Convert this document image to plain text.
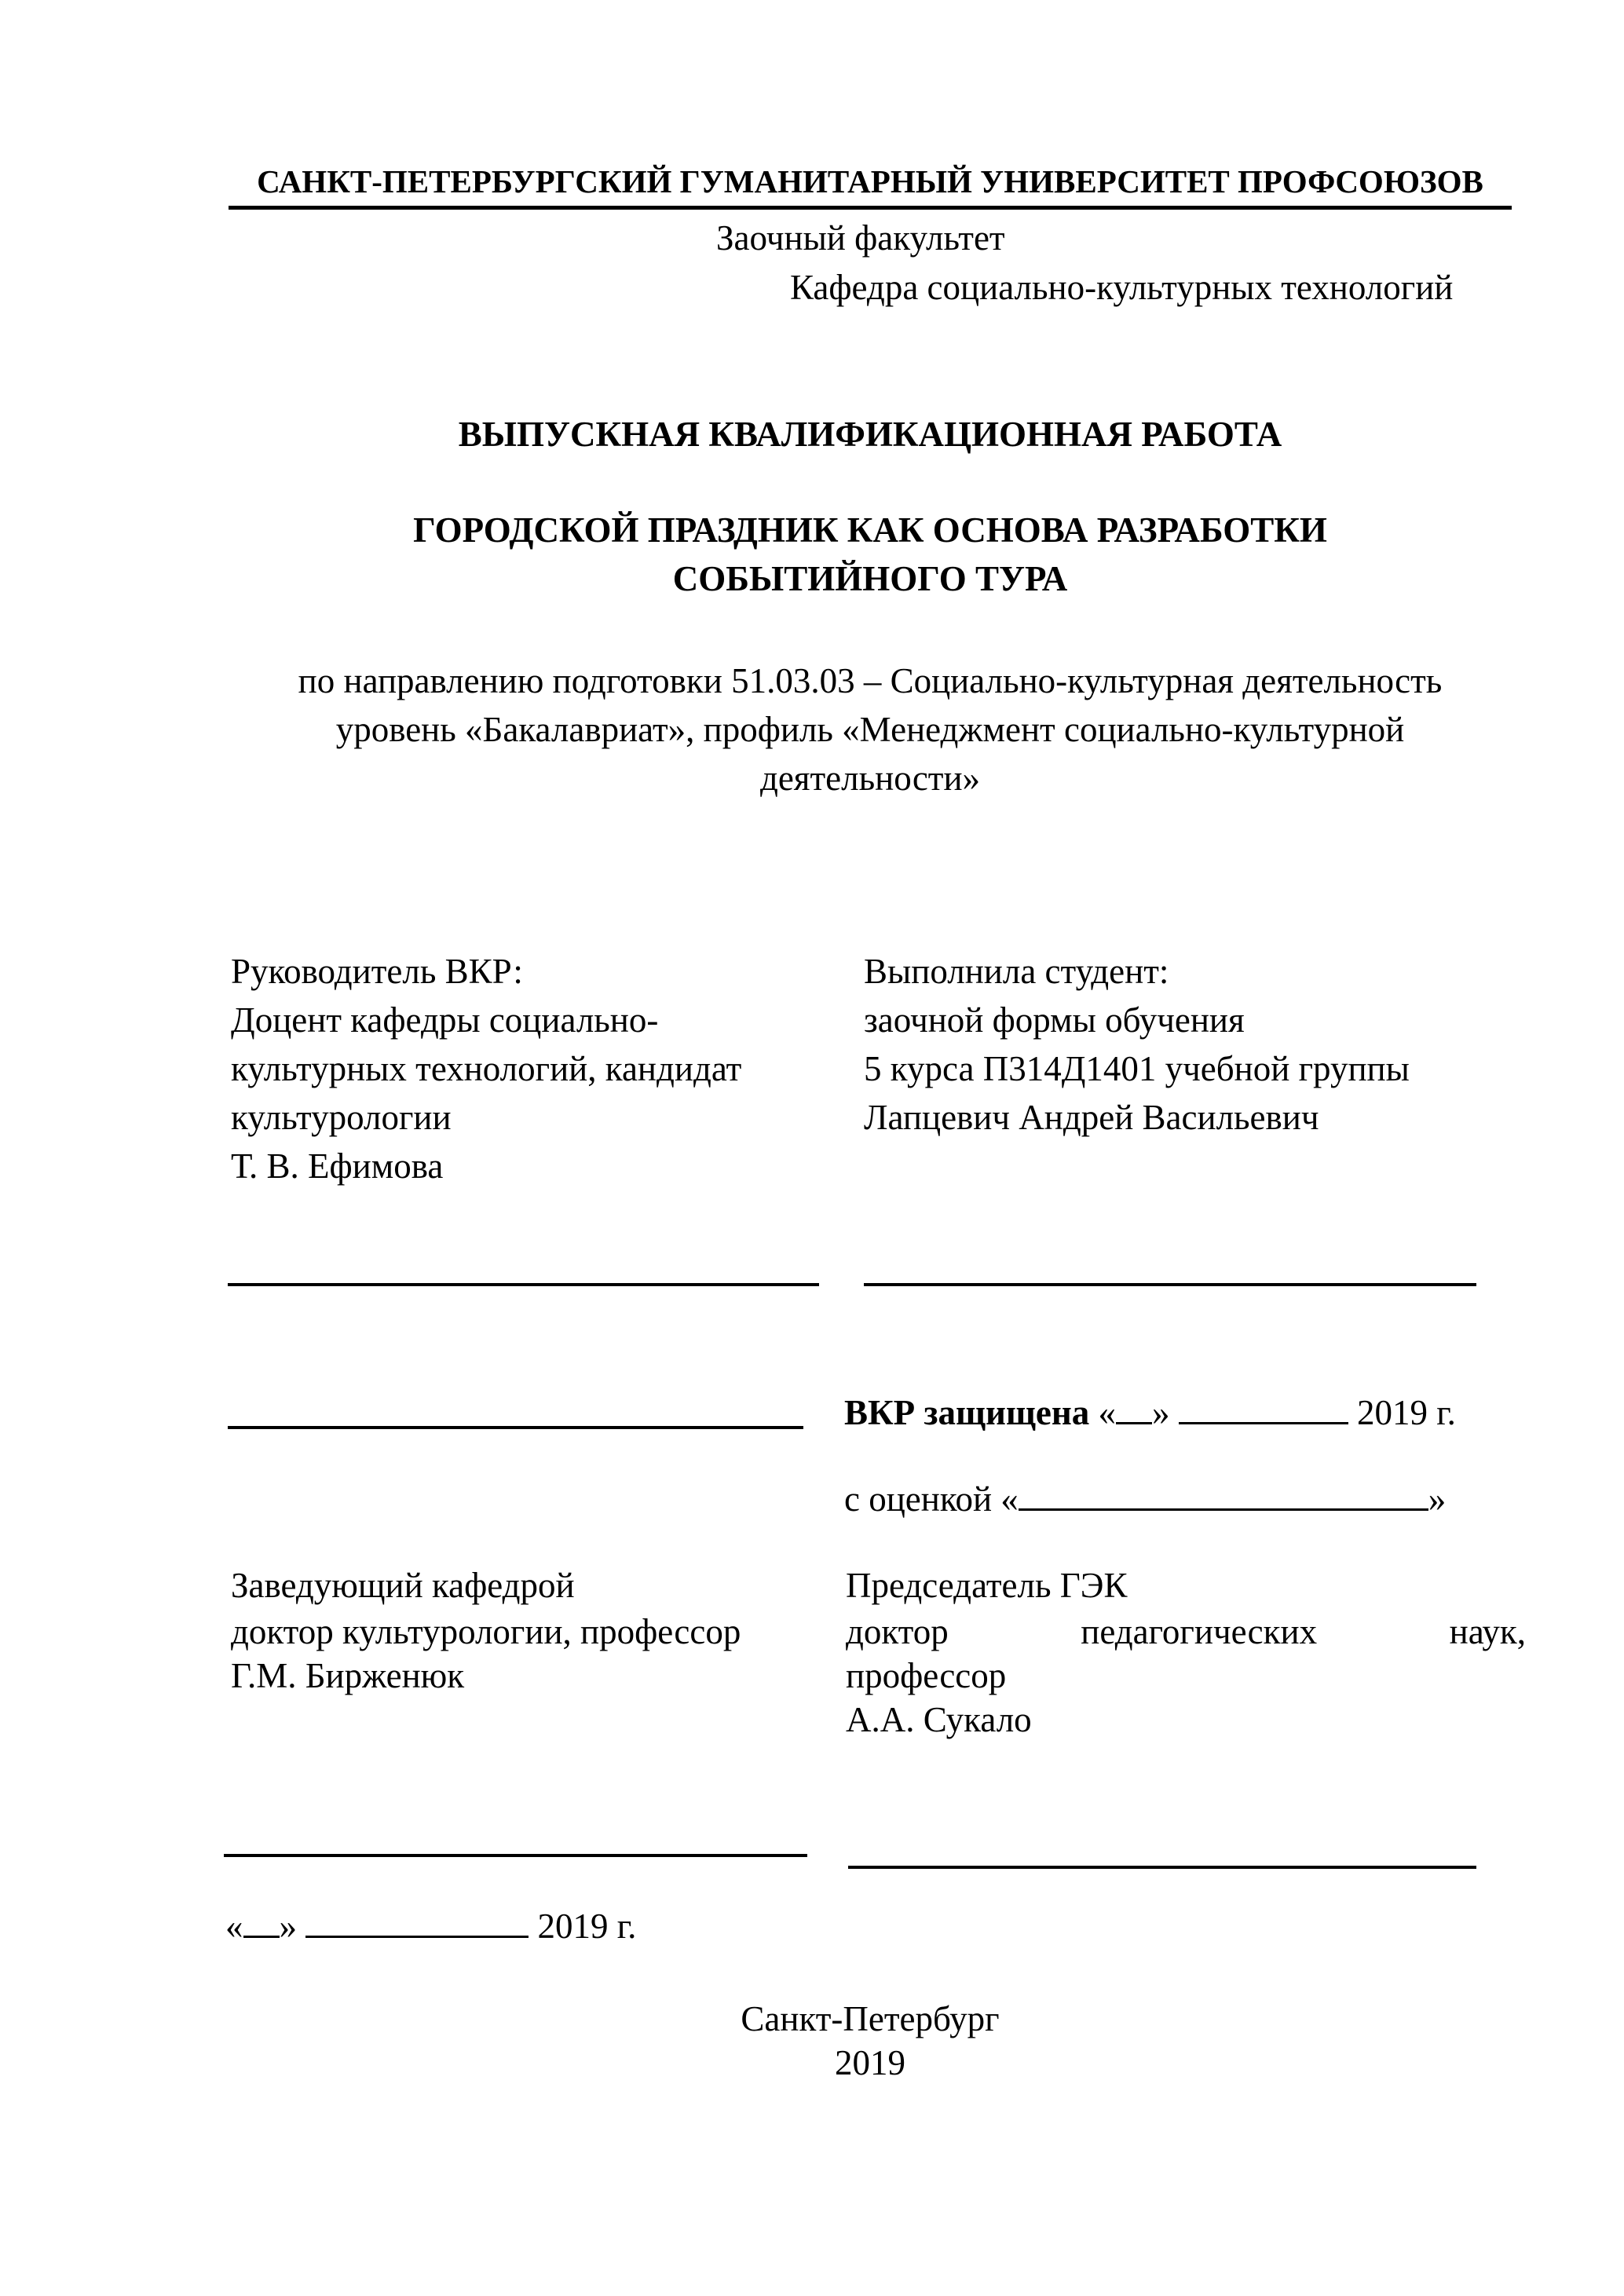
САНКТ-ПЕТЕРБУРГСКИЙ ГУМАНИТАРНЫЙ УНИВЕРСИТЕТ ПРОФСОЮЗОВ
Заочный факультет
Кафедра социально-культурных технологий
ВЫПУСКНАЯ КВАЛИФИКАЦИОННАЯ РАБОТА
ГОРОДСКОЙ ПРАЗДНИК КАК ОСНОВА РАЗРАБОТКИ
СОБЫТИЙНОГО ТУРА
по направлению подготовки 51.03.03 – Социально-культурная деятельность
уровень «Бакалавриат», профиль «Менеджмент социально-культурной
деятельности»

Руководитель ВКР:

Доцент кафедры социально-

культурных технологий, кандидат

культурологии

Т. В. Ефимова

Выполнила студент:

заочной формы обучения

5 курса П314Д1401 учебной группы

Лапцевич Андрей Васильевич

ВКР защищена « »	2019 г.
с оценкой «	»

Заведующий кафедрой

доктор культурологии, профессор

Г.М. Бирженюк

Председатель ГЭК

доктор	педагогических	наук,

профессор

А.А. Сукало

« »	2019 г.
Санкт-Петербург
2019
